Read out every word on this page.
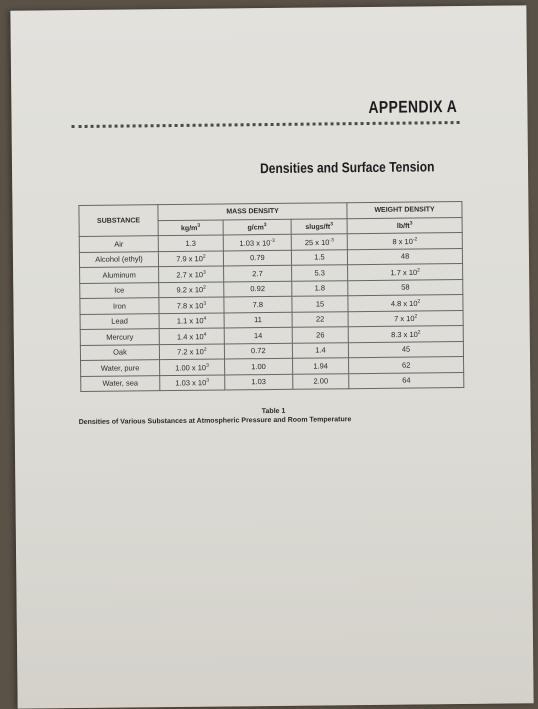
APPENDIX A
Densities and Surface Tension
SUBSTANCE	MASS DENSITY			WEIGHT DENSITY
	$kg/m^3$	$g/cm^3$	slugs/$ft^3$	$lb/ft^3$
Air	1.3	1.03 x $10^{-3}$	25 x $10^{-3}$	8 x $10^{-2}$
Alcohol (ethyl)	7.9 x $10^2$	0.79	1.5	48
Aluminum	2.7 x $10^3$	2.7	5.3	1.7 x $10^2$
Ice	9.2 x $10^2$	0.92	1.8	58
Iron	7.8 x $10^3$	7.8	15	4.8 x $10^2$
Lead	1.1 x $10^4$	11	22	7 x $10^2$
Mercury	1.4 x $10^4$	14	26	8.3 x $10^2$
Oak	7.2 x $10^2$	0.72	1.4	45
Water, pure	1.00 x $10^3$	1.00	1.94	62
Water, sea	1.03 x $10^3$	1.03	2.00	64
Table 1
Densities of Various Substances at Atmospheric Pressure and Room Temperature
